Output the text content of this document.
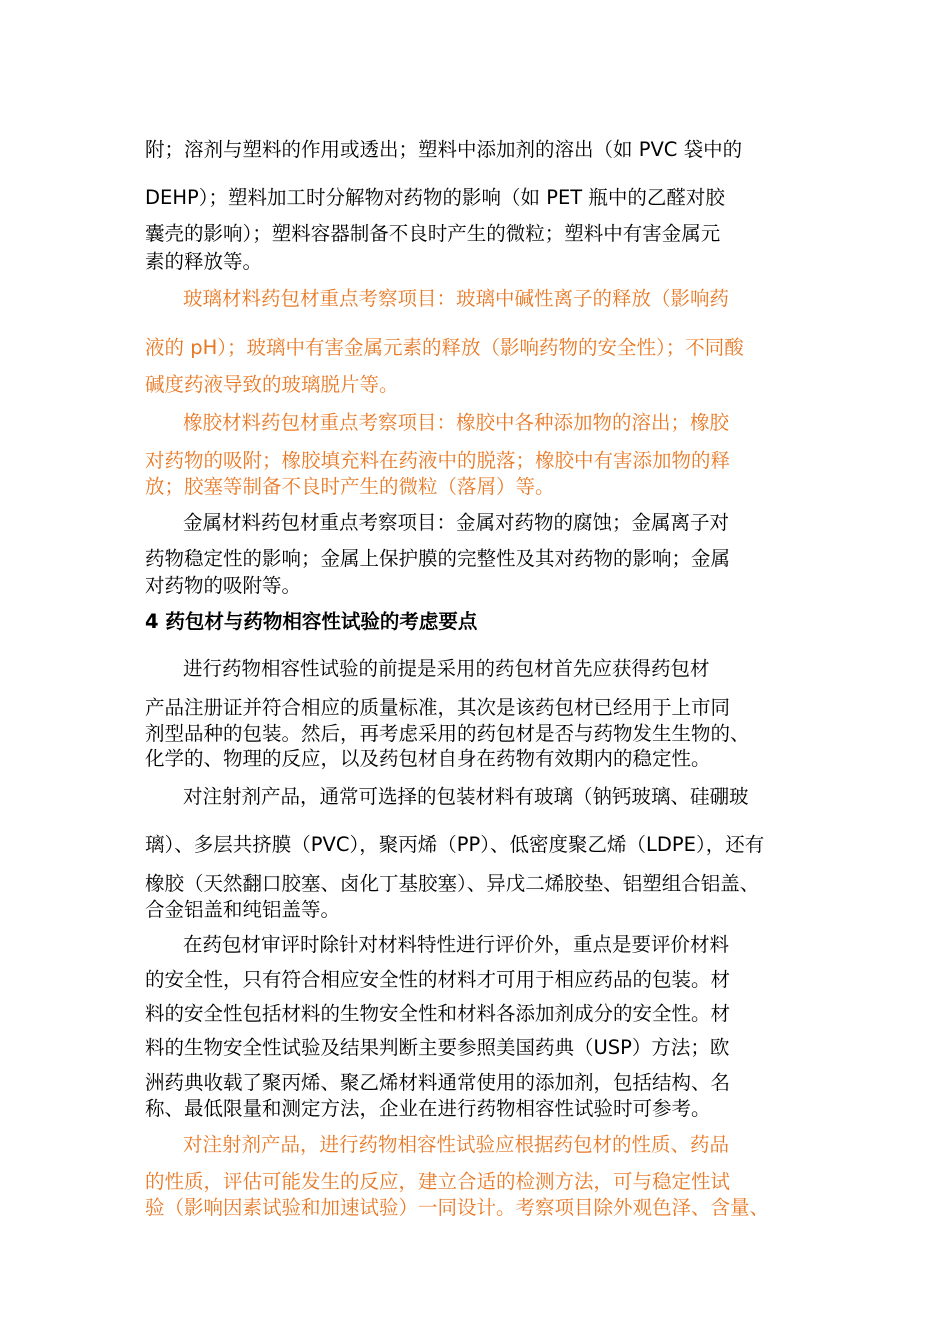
附；溶剂与塑料的作用或透出；塑料中添加剂的溶出（如 PVC 袋中的
DEHP）；塑料加工时分解物对药物的影响（如 PET 瓶中的乙醛对胶
囊壳的影响）；塑料容器制备不良时产生的微粒；塑料中有害金属元
素的释放等。
玻璃材料药包材重点考察项目：玻璃中碱性离子的释放（影响药
液的 pH）；玻璃中有害金属元素的释放（影响药物的安全性）；不同酸
碱度药液导致的玻璃脱片等。
橡胶材料药包材重点考察项目：橡胶中各种添加物的溶出；橡胶
对药物的吸附；橡胶填充料在药液中的脱落；橡胶中有害添加物的释
放；胶塞等制备不良时产生的微粒（落屑）等。
金属材料药包材重点考察项目：金属对药物的腐蚀；金属离子对
药物稳定性的影响；金属上保护膜的完整性及其对药物的影响；金属
对药物的吸附等。
4 药包材与药物相容性试验的考虑要点
进行药物相容性试验的前提是采用的药包材首先应获得药包材
产品注册证并符合相应的质量标准，其次是该药包材已经用于上市同
剂型品种的包装。然后，再考虑采用的药包材是否与药物发生生物的、
化学的、物理的反应，以及药包材自身在药物有效期内的稳定性。
对注射剂产品，通常可选择的包装材料有玻璃（钠钙玻璃、硅硼玻
璃）、多层共挤膜（PVC），聚丙烯（PP）、低密度聚乙烯（LDPE），还有
橡胶（天然翻口胶塞、卤化丁基胶塞）、异戊二烯胶垫、铝塑组合铝盖、
合金铝盖和纯铝盖等。
在药包材审评时除针对材料特性进行评价外，重点是要评价材料
的安全性，只有符合相应安全性的材料才可用于相应药品的包装。材
料的安全性包括材料的生物安全性和材料各添加剂成分的安全性。材
料的生物安全性试验及结果判断主要参照美国药典（USP）方法；欧
洲药典收载了聚丙烯、聚乙烯材料通常使用的添加剂，包括结构、名
称、最低限量和测定方法，企业在进行药物相容性试验时可参考。
对注射剂产品，进行药物相容性试验应根据药包材的性质、药品
的性质，评估可能发生的反应，建立合适的检测方法，可与稳定性试
验（影响因素试验和加速试验）一同设计。考察项目除外观色泽、含量、
